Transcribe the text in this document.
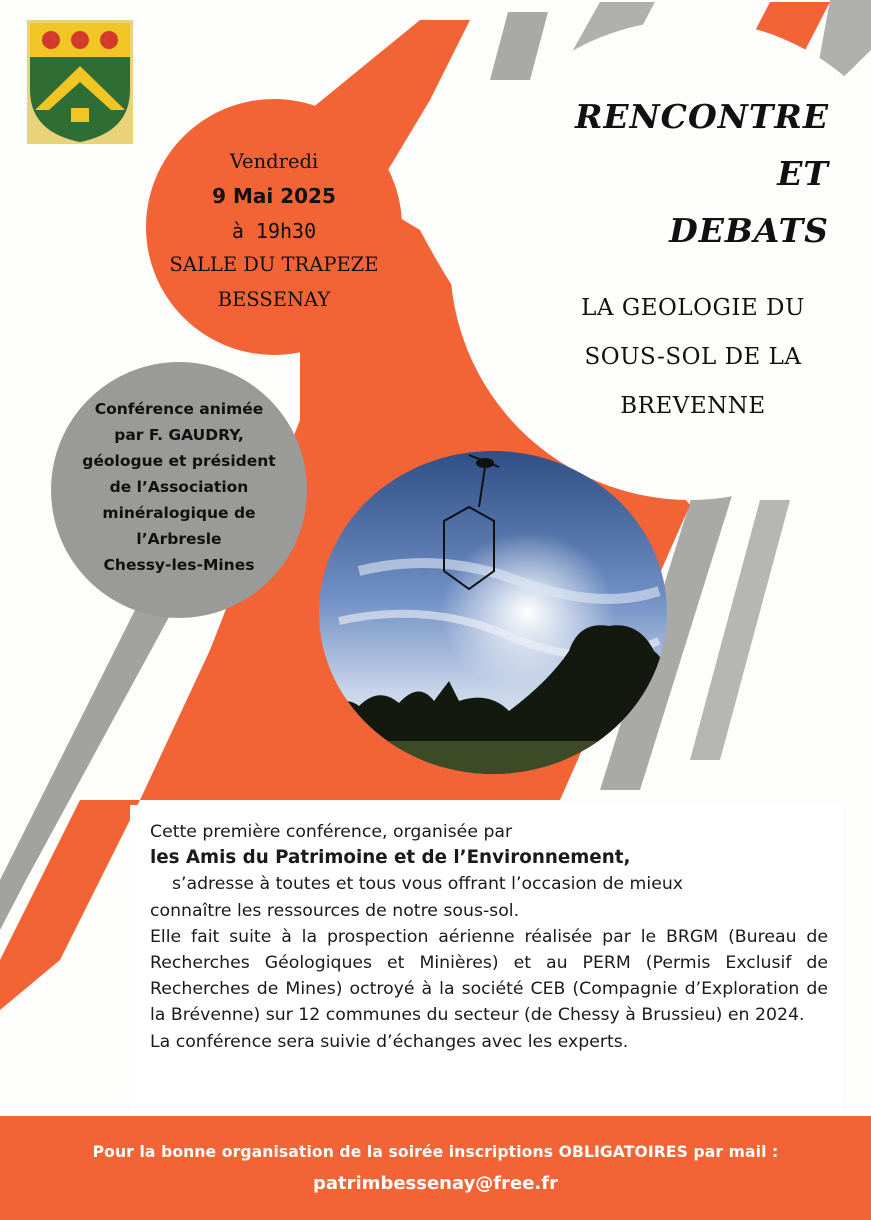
Vendredi
9 Mai 2025
à 19h30
SALLE DU TRAPEZE
BESSENAY
RENCONTRE
ET
DEBATS
LA GEOLOGIE DU
SOUS-SOL DE LA
BREVENNE
Conférence animée
par F. GAUDRY,
géologue et président
de l’Association
minéralogique de
l’Arbresle
Chessy-les-Mines

Cette première conférence, organisée par

les Amis du Patrimoine et de l’Environnement,

s’adresse à toutes et tous vous offrant l’occasion de mieux

connaître les ressources de notre sous-sol.

Elle fait suite à la prospection aérienne réalisée par le BRGM (Bureau de Recherches Géologiques et Minières) et au PERM (Permis Exclusif de Recherches de Mines) octroyé à la société CEB (Compagnie d’Exploration de la Brévenne) sur 12 communes du secteur (de Chessy à Brussieu) en 2024.

La conférence sera suivie d’échanges avec les experts.

Pour la bonne organisation de la soirée inscriptions OBLIGATOIRES par mail :
patrimbessenay@free.fr
